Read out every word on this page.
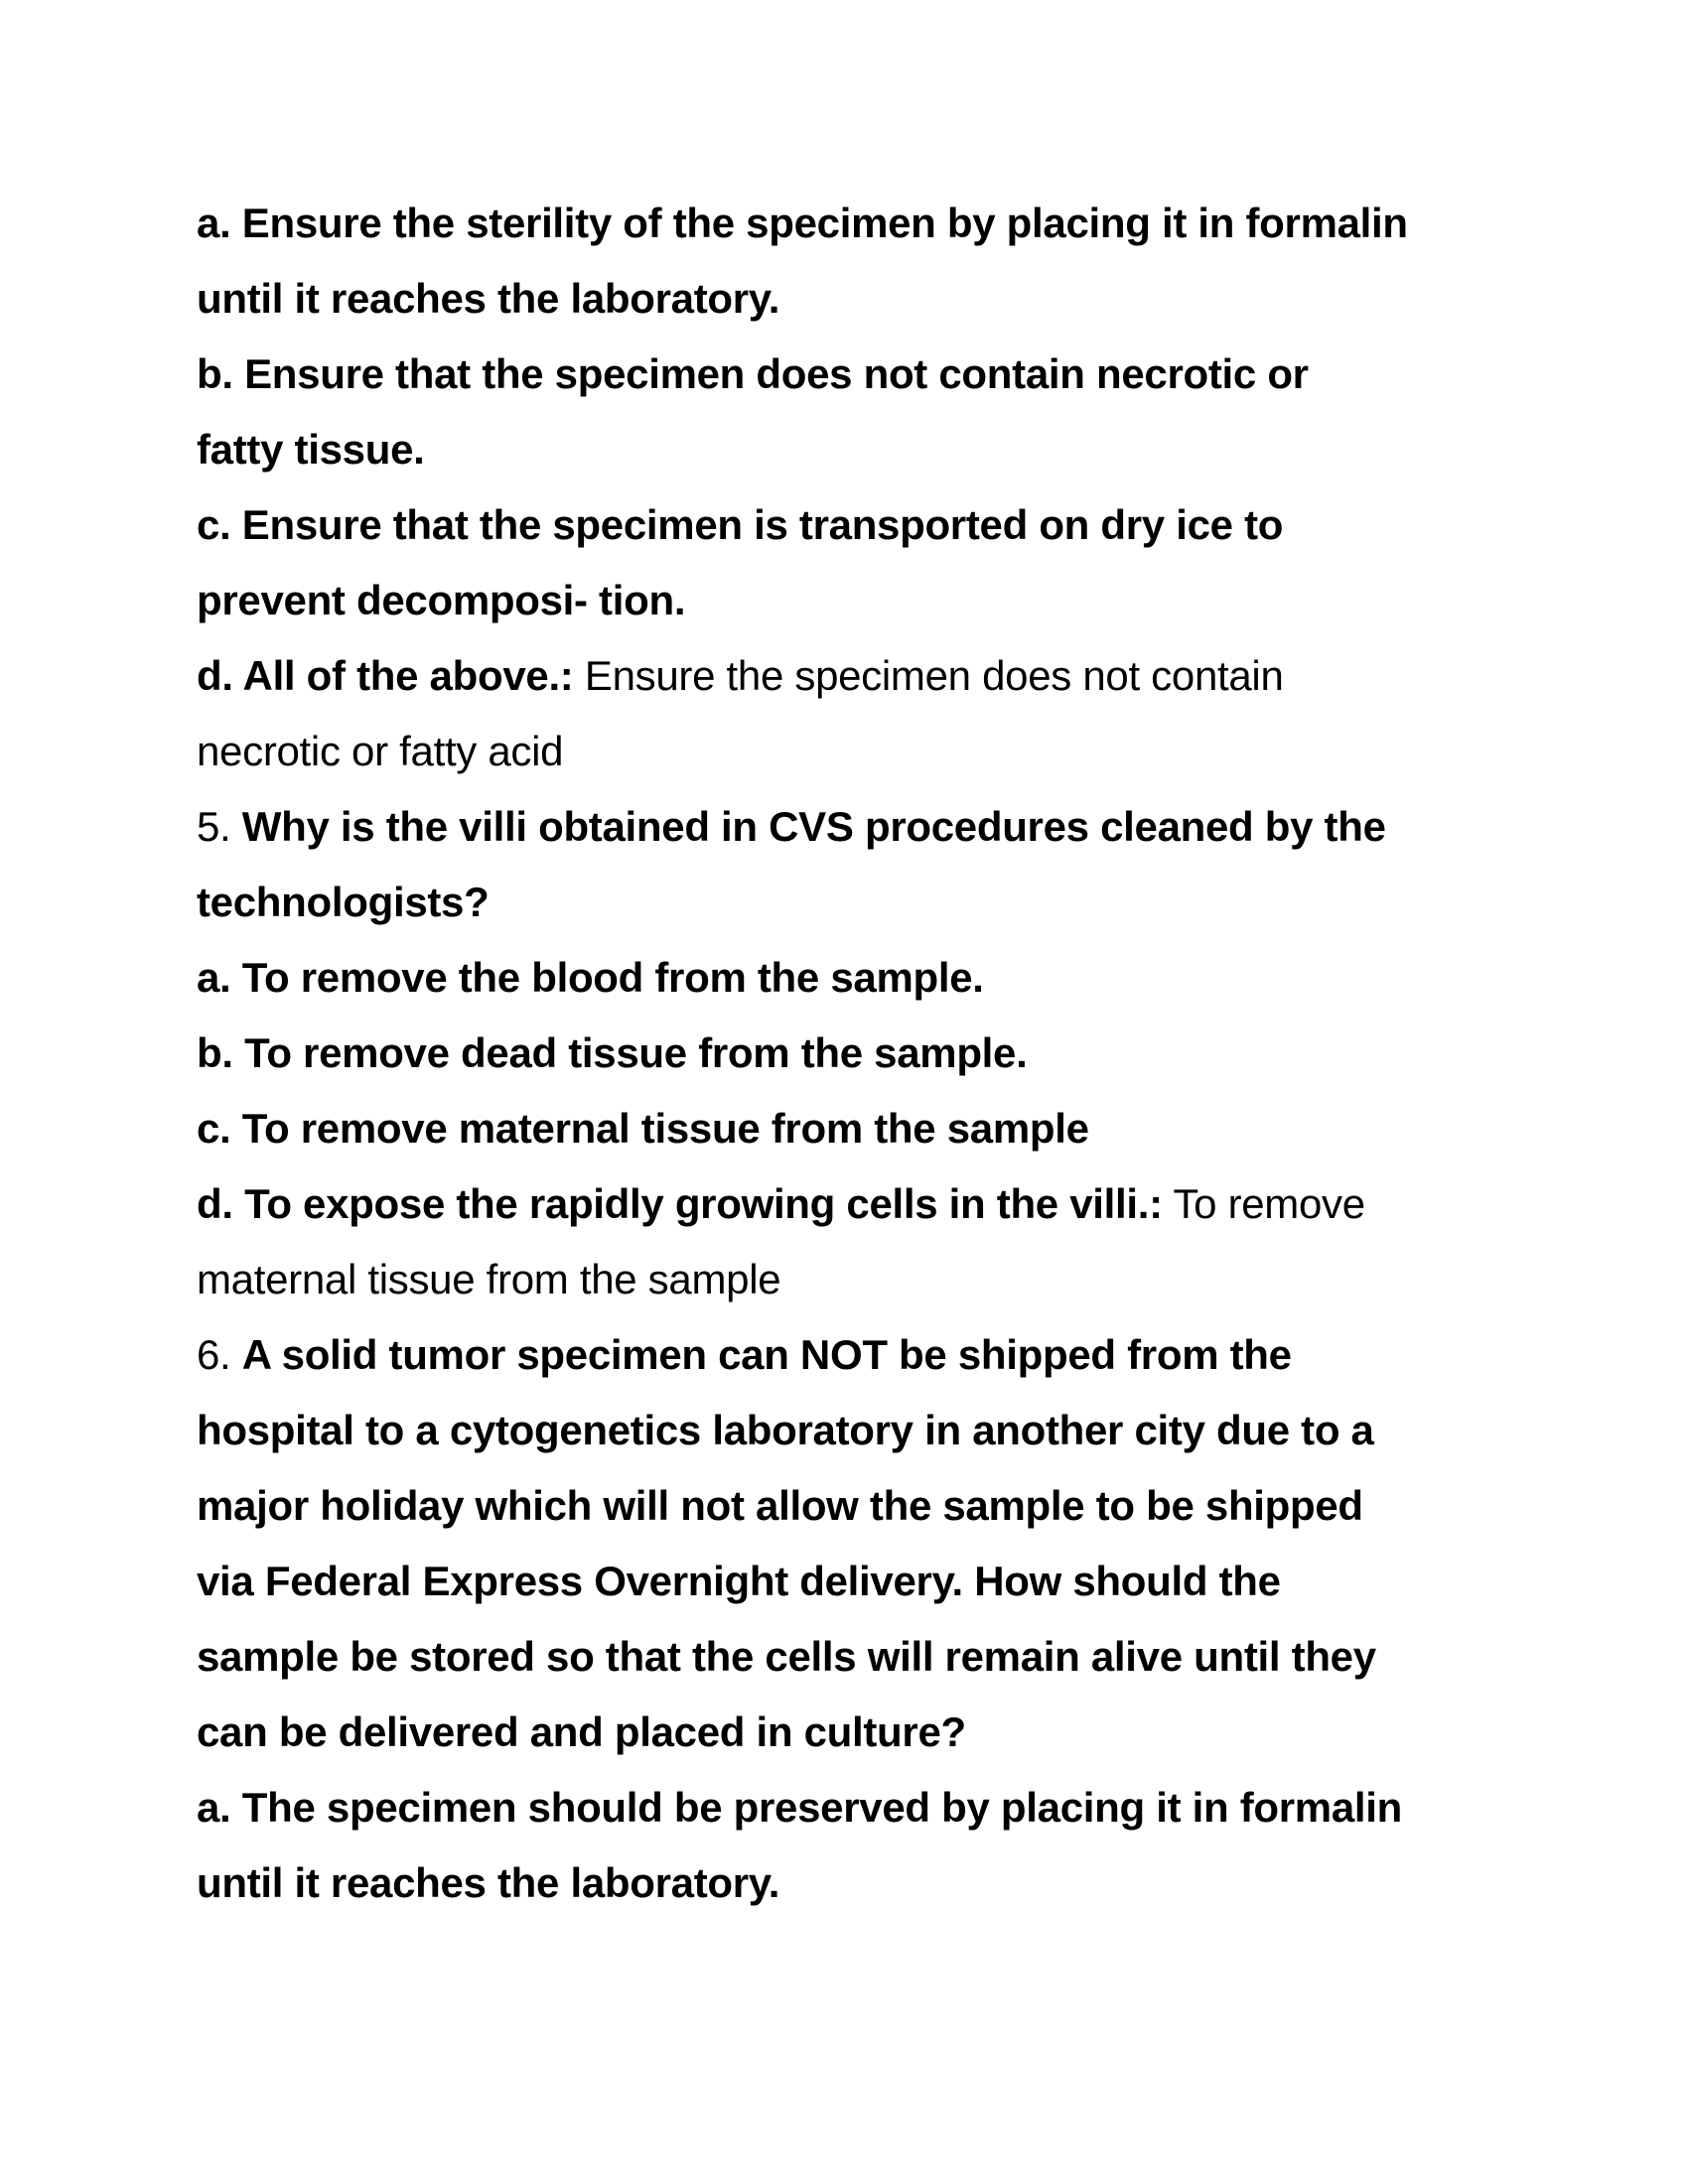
a. Ensure the sterility of the specimen by placing it in formalin
until it reaches the laboratory.
b. Ensure that the specimen does not contain necrotic or
fatty tissue.
c. Ensure that the specimen is transported on dry ice to
prevent decomposi- tion.
d. All of the above.: Ensure the specimen does not contain
necrotic or fatty acid
5. Why is the villi obtained in CVS procedures cleaned by the
technologists?
a. To remove the blood from the sample.
b. To remove dead tissue from the sample.
c. To remove maternal tissue from the sample
d. To expose the rapidly growing cells in the villi.: To remove
maternal tissue from the sample
6. A solid tumor specimen can NOT be shipped from the
hospital to a cytogenetics laboratory in another city due to a
major holiday which will not allow the sample to be shipped
via Federal Express Overnight delivery. How should the
sample be stored so that the cells will remain alive until they
can be delivered and placed in culture?
a. The specimen should be preserved by placing it in formalin
until it reaches the laboratory.
